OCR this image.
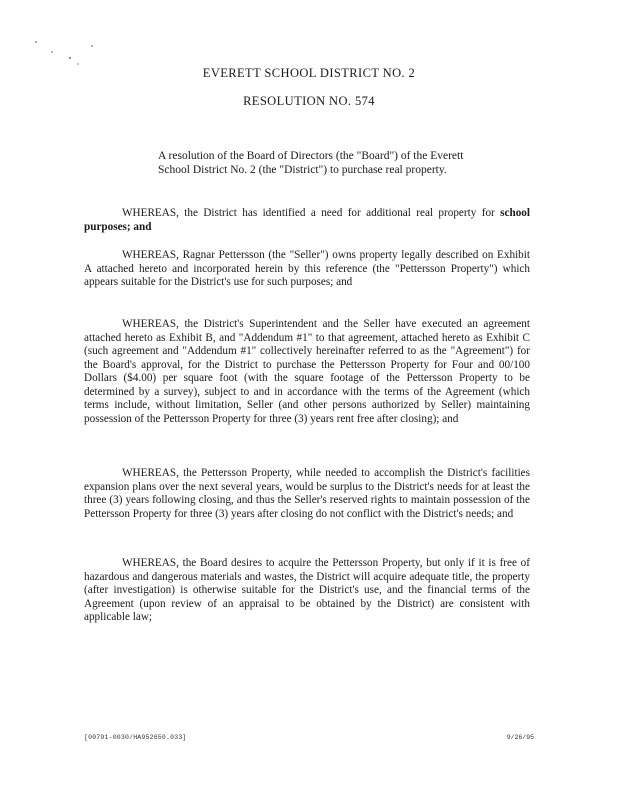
EVERETT SCHOOL DISTRICT NO. 2
RESOLUTION NO. 574

A resolution of the Board of Directors (the "Board") of the Everett School District No. 2 (the "District") to purchase real property.

WHEREAS, the District has identified a need for additional real property for school purposes; and

WHEREAS, Ragnar Pettersson (the "Seller") owns property legally described on Exhibit A attached hereto and incorporated herein by this reference (the "Pettersson Property") which appears suitable for the District's use for such purposes; and

WHEREAS, the District's Superintendent and the Seller have executed an agreement attached hereto as Exhibit B, and "Addendum #1" to that agreement, attached hereto as Exhibit C (such agreement and "Addendum #1" collectively hereinafter referred to as the "Agreement") for the Board's approval, for the District to purchase the Pettersson Property for Four and 00/100 Dollars ($4.00) per square foot (with the square footage of the Pettersson Property to be determined by a survey), subject to and in accordance with the terms of the Agreement (which terms include, without limitation, Seller (and other persons authorized by Seller) maintaining possession of the Pettersson Property for three (3) years rent free after closing); and

WHEREAS, the Pettersson Property, while needed to accomplish the District's facilities expansion plans over the next several years, would be surplus to the District's needs for at least the three (3) years following closing, and thus the Seller's reserved rights to maintain possession of the Pettersson Property for three (3) years after closing do not conflict with the District's needs; and

WHEREAS, the Board desires to acquire the Pettersson Property, but only if it is free of hazardous and dangerous materials and wastes, the District will acquire adequate title, the property (after investigation) is otherwise suitable for the District's use, and the financial terms of the Agreement (upon review of an appraisal to be obtained by the District) are consistent with applicable law;

[00791-0030/HA952650.033]	9/26/95
